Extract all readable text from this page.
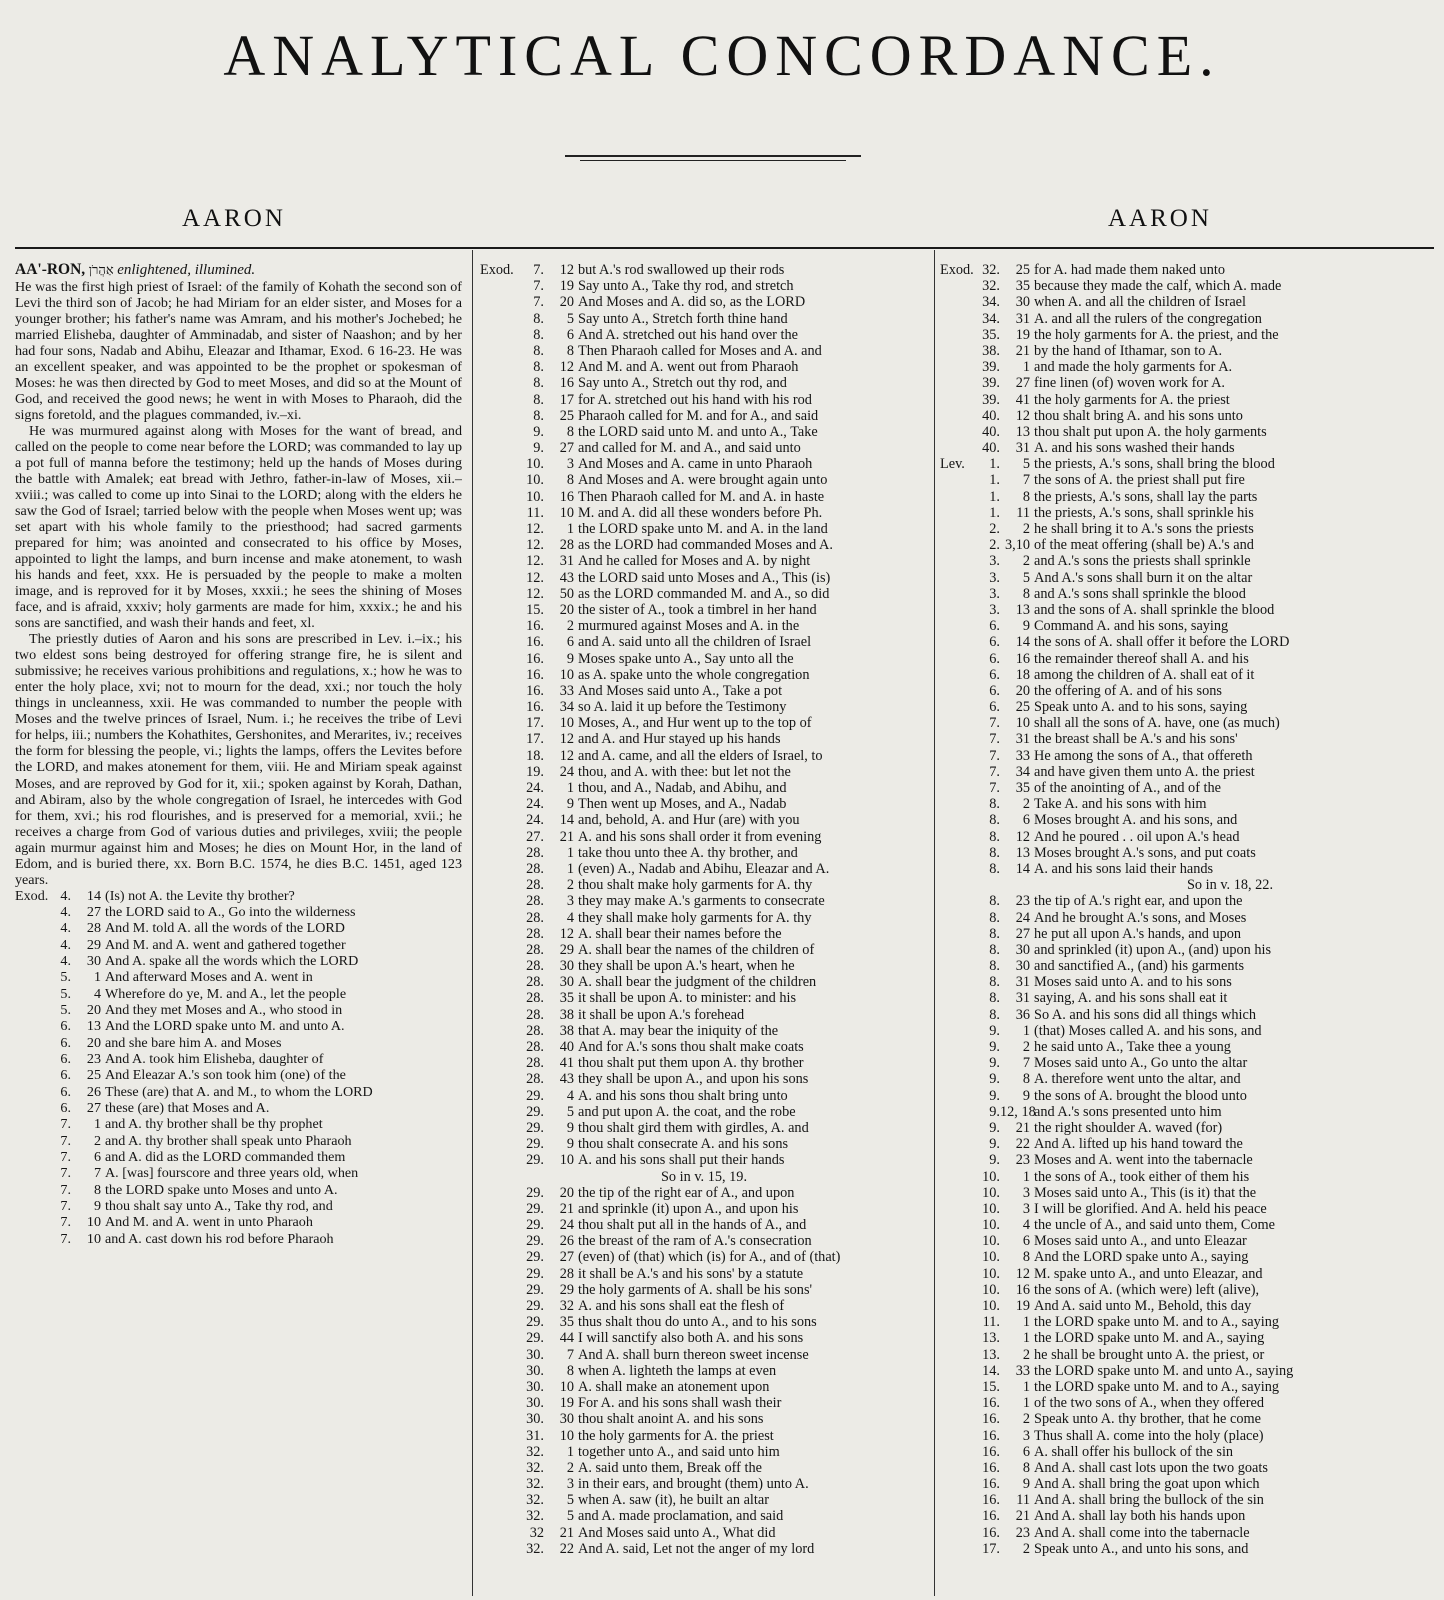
ANALYTICAL CONCORDANCE.
AARON	AARON

AA'-RON, אַהֲרֹן enlightened, illumined.

He was the first high priest of Israel: of the family of Kohath the second son of Levi the third son of Jacob; he had Miriam for an elder sister, and Moses for a younger brother; his father's name was Amram, and his mother's Jochebed; he married Elisheba, daughter of Amminadab, and sister of Naashon; and by her had four sons, Nadab and Abihu, Eleazar and Ithamar, Exod. 6 16-23. He was an excellent speaker, and was appointed to be the prophet or spokesman of Moses: he was then directed by God to meet Moses, and did so at the Mount of God, and received the good news; he went in with Moses to Pharaoh, did the signs foretold, and the plagues commanded, iv.–xi.

He was murmured against along with Moses for the want of bread, and called on the people to come near before the LORD; was commanded to lay up a pot full of manna before the testimony; held up the hands of Moses during the battle with Amalek; eat bread with Jethro, father-in-law of Moses, xii.–xviii.; was called to come up into Sinai to the LORD; along with the elders he saw the God of Israel; tarried below with the people when Moses went up; was set apart with his whole family to the priesthood; had sacred garments prepared for him; was anointed and consecrated to his office by Moses, appointed to light the lamps, and burn incense and make atonement, to wash his hands and feet, xxx. He is persuaded by the people to make a molten image, and is reproved for it by Moses, xxxii.; he sees the shining of Moses face, and is afraid, xxxiv; holy garments are made for him, xxxix.; he and his sons are sanctified, and wash their hands and feet, xl.

The priestly duties of Aaron and his sons are prescribed in Lev. i.–ix.; his two eldest sons being destroyed for offering strange fire, he is silent and submissive; he receives various prohibitions and regulations, x.; how he was to enter the holy place, xvi; not to mourn for the dead, xxi.; nor touch the holy things in uncleanness, xxii. He was commanded to number the people with Moses and the twelve princes of Israel, Num. i.; he receives the tribe of Levi for helps, iii.; numbers the Kohathites, Gershonites, and Merarites, iv.; receives the form for blessing the people, vi.; lights the lamps, offers the Levites before the LORD, and makes atonement for them, viii. He and Miriam speak against Moses, and are reproved by God for it, xii.; spoken against by Korah, Dathan, and Abiram, also by the whole congregation of Israel, he intercedes with God for them, xvi.; his rod flourishes, and is preserved for a memorial, xvii.; he receives a charge from God of various duties and privileges, xviii; the people again murmur against him and Moses; he dies on Mount Hor, in the land of Edom, and is buried there, xx. Born B.C. 1574, he dies B.C. 1451, aged 123 years.

Exod. 4. 14 (Is) not A. the Levite thy brother?
4. 27 the LORD said to A., Go into the wilderness
4. 28 And M. told A. all the words of the LORD
4. 29 And M. and A. went and gathered together
4. 30 And A. spake all the words which the LORD
5. 1 And afterward Moses and A. went in
5. 4 Wherefore do ye, M. and A., let the people
5. 20 And they met Moses and A., who stood in
6. 13 And the LORD spake unto M. and unto A.
6. 20 and she bare him A. and Moses
6. 23 And A. took him Elisheba, daughter of
6. 25 And Eleazar A.'s son took him (one) of the
6. 26 These (are) that A. and M., to whom the LORD
6. 27 these (are) that Moses and A.
7. 1 and A. thy brother shall be thy prophet
7. 2 and A. thy brother shall speak unto Pharaoh
7. 6 and A. did as the LORD commanded them
7. 7 A. [was] fourscore and three years old, when
7. 8 the LORD spake unto Moses and unto A.
7. 9 thou shalt say unto A., Take thy rod, and
7. 10 And M. and A. went in unto Pharaoh
7. 10 and A. cast down his rod before Pharaoh
Exod. 7. 12 but A.'s rod swallowed up their rods
7. 19 Say unto A., Take thy rod, and stretch
7. 20 And Moses and A. did so, as the LORD
8. 5 Say unto A., Stretch forth thine hand
8. 6 And A. stretched out his hand over the
8. 8 Then Pharaoh called for Moses and A. and
8. 12 And M. and A. went out from Pharaoh
8. 16 Say unto A., Stretch out thy rod, and
8. 17 for A. stretched out his hand with his rod
8. 25 Pharaoh called for M. and for A., and said
9. 8 the LORD said unto M. and unto A., Take
9. 27 and called for M. and A., and said unto
10. 3 And Moses and A. came in unto Pharaoh
10. 8 And Moses and A. were brought again unto
10. 16 Then Pharaoh called for M. and A. in haste
11. 10 M. and A. did all these wonders before Ph.
12. 1 the LORD spake unto M. and A. in the land
12. 28 as the LORD had commanded Moses and A.
12. 31 And he called for Moses and A. by night
12. 43 the LORD said unto Moses and A., This (is)
12. 50 as the LORD commanded M. and A., so did
15. 20 the sister of A., took a timbrel in her hand
16. 2 murmured against Moses and A. in the
16. 6 and A. said unto all the children of Israel
16. 9 Moses spake unto A., Say unto all the
16. 10 as A. spake unto the whole congregation
16. 33 And Moses said unto A., Take a pot
16. 34 so A. laid it up before the Testimony
17. 10 Moses, A., and Hur went up to the top of
17. 12 and A. and Hur stayed up his hands
18. 12 and A. came, and all the elders of Israel, to
19. 24 thou, and A. with thee: but let not the
24. 1 thou, and A., Nadab, and Abihu, and
24. 9 Then went up Moses, and A., Nadab
24. 14 and, behold, A. and Hur (are) with you
27. 21 A. and his sons shall order it from evening
28. 1 take thou unto thee A. thy brother, and
28. 1 (even) A., Nadab and Abihu, Eleazar and A.
28. 2 thou shalt make holy garments for A. thy
28. 3 they may make A.'s garments to consecrate
28. 4 they shall make holy garments for A. thy
28. 12 A. shall bear their names before the
28. 29 A. shall bear the names of the children of
28. 30 they shall be upon A.'s heart, when he
28. 30 A. shall bear the judgment of the children
28. 35 it shall be upon A. to minister: and his
28. 38 it shall be upon A.'s forehead
28. 38 that A. may bear the iniquity of the
28. 40 And for A.'s sons thou shalt make coats
28. 41 thou shalt put them upon A. thy brother
28. 43 they shall be upon A., and upon his sons
29. 4 A. and his sons thou shalt bring unto
29. 5 and put upon A. the coat, and the robe
29. 9 thou shalt gird them with girdles, A. and
29. 9 thou shalt consecrate A. and his sons
29. 10 A. and his sons shall put their hands
So in v. 15, 19.
29. 20 the tip of the right ear of A., and upon
29. 21 and sprinkle (it) upon A., and upon his
29. 24 thou shalt put all in the hands of A., and
29. 26 the breast of the ram of A.'s consecration
29. 27 (even) of (that) which (is) for A., and of (that)
29. 28 it shall be A.'s and his sons' by a statute
29. 29 the holy garments of A. shall be his sons'
29. 32 A. and his sons shall eat the flesh of
29. 35 thus shalt thou do unto A., and to his sons
29. 44 I will sanctify also both A. and his sons
30. 7 And A. shall burn thereon sweet incense
30. 8 when A. lighteth the lamps at even
30. 10 A. shall make an atonement upon
30. 19 For A. and his sons shall wash their
30. 30 thou shalt anoint A. and his sons
31. 10 the holy garments for A. the priest
32. 1 together unto A., and said unto him
32. 2 A. said unto them, Break off the
32. 3 in their ears, and brought (them) unto A.
32. 5 when A. saw (it), he built an altar
32. 5 and A. made proclamation, and said
32 21 And Moses said unto A., What did
32. 22 And A. said, Let not the anger of my lord
Exod. 32. 25 for A. had made them naked unto
32. 35 because they made the calf, which A. made
34. 30 when A. and all the children of Israel
34. 31 A. and all the rulers of the congregation
35. 19 the holy garments for A. the priest, and the
38. 21 by the hand of Ithamar, son to A.
39. 1 and made the holy garments for A.
39. 27 fine linen (of) woven work for A.
39. 41 the holy garments for A. the priest
40. 12 thou shalt bring A. and his sons unto
40. 13 thou shalt put upon A. the holy garments
40. 31 A. and his sons washed their hands
Lev. 1. 5 the priests, A.'s sons, shall bring the blood
1. 7 the sons of A. the priest shall put fire
1. 8 the priests, A.'s sons, shall lay the parts
1. 11 the priests, A.'s sons, shall sprinkle his
2. 2 he shall bring it to A.'s sons the priests
2. 3,10 of the meat offering (shall be) A.'s and
3. 2 and A.'s sons the priests shall sprinkle
3. 5 And A.'s sons shall burn it on the altar
3. 8 and A.'s sons shall sprinkle the blood
3. 13 and the sons of A. shall sprinkle the blood
6. 9 Command A. and his sons, saying
6. 14 the sons of A. shall offer it before the LORD
6. 16 the remainder thereof shall A. and his
6. 18 among the children of A. shall eat of it
6. 20 the offering of A. and of his sons
6. 25 Speak unto A. and to his sons, saying
7. 10 shall all the sons of A. have, one (as much)
7. 31 the breast shall be A.'s and his sons'
7. 33 He among the sons of A., that offereth
7. 34 and have given them unto A. the priest
7. 35 of the anointing of A., and of the
8. 2 Take A. and his sons with him
8. 6 Moses brought A. and his sons, and
8. 12 And he poured . . oil upon A.'s head
8. 13 Moses brought A.'s sons, and put coats
8. 14 A. and his sons laid their hands
So in v. 18, 22.
8. 23 the tip of A.'s right ear, and upon the
8. 24 And he brought A.'s sons, and Moses
8. 27 he put all upon A.'s hands, and upon
8. 30 and sprinkled (it) upon A., (and) upon his
8. 30 and sanctified A., (and) his garments
8. 31 Moses said unto A. and to his sons
8. 31 saying, A. and his sons shall eat it
8. 36 So A. and his sons did all things which
9. 1 (that) Moses called A. and his sons, and
9. 2 he said unto A., Take thee a young
9. 7 Moses said unto A., Go unto the altar
9. 8 A. therefore went unto the altar, and
9. 9 the sons of A. brought the blood unto
9.12, 18and A.'s sons presented unto him
9. 21 the right shoulder A. waved (for)
9. 22 And A. lifted up his hand toward the
9. 23 Moses and A. went into the tabernacle
10. 1 the sons of A., took either of them his
10. 3 Moses said unto A., This (is it) that the
10. 3 I will be glorified. And A. held his peace
10. 4 the uncle of A., and said unto them, Come
10. 6 Moses said unto A., and unto Eleazar
10. 8 And the LORD spake unto A., saying
10. 12 M. spake unto A., and unto Eleazar, and
10. 16 the sons of A. (which were) left (alive),
10. 19 And A. said unto M., Behold, this day
11. 1 the LORD spake unto M. and to A., saying
13. 1 the LORD spake unto M. and A., saying
13. 2 he shall be brought unto A. the priest, or
14. 33 the LORD spake unto M. and unto A., saying
15. 1 the LORD spake unto M. and to A., saying
16. 1 of the two sons of A., when they offered
16. 2 Speak unto A. thy brother, that he come
16. 3 Thus shall A. come into the holy (place)
16. 6 A. shall offer his bullock of the sin
16. 8 And A. shall cast lots upon the two goats
16. 9 And A. shall bring the goat upon which
16. 11 And A. shall bring the bullock of the sin
16. 21 And A. shall lay both his hands upon
16. 23 And A. shall come into the tabernacle
17. 2 Speak unto A., and unto his sons, and
